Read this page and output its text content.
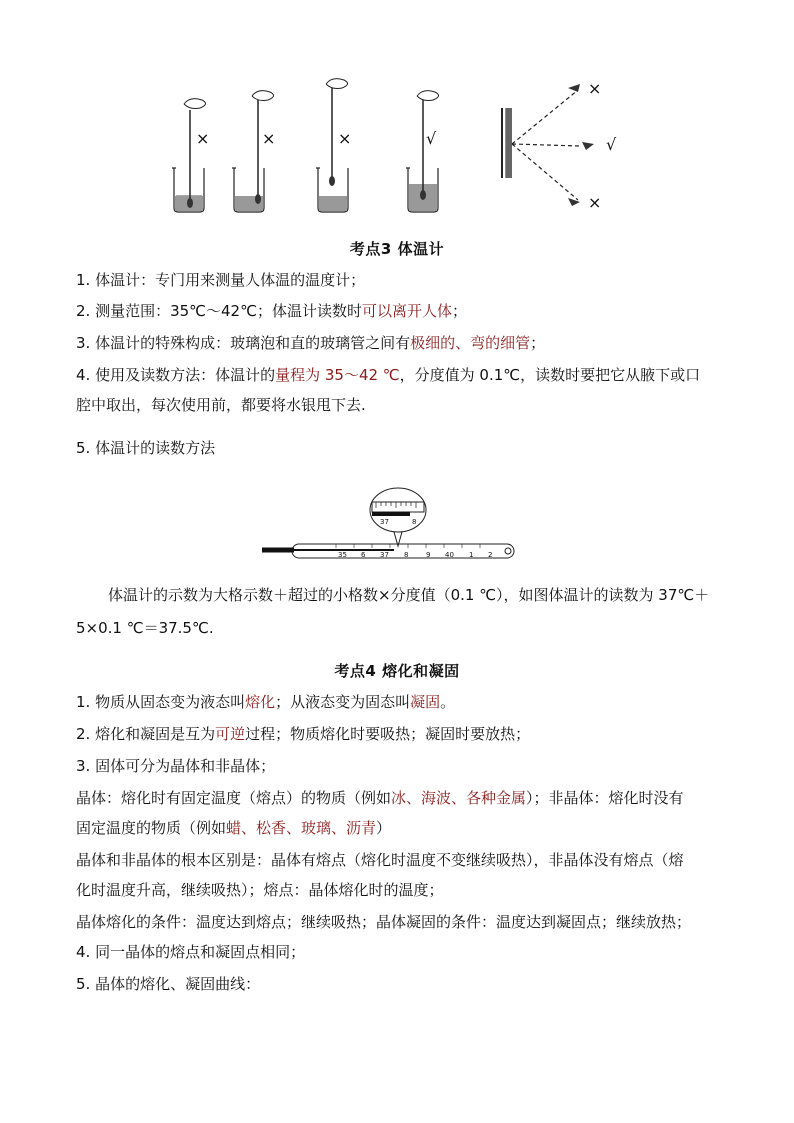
×	×	×	√
×
√
×
考点3 体温计
1. 体温计：专门用来测量人体温的温度计；
2. 测量范围：35℃～42℃；体温计读数时可以离开人体；
3. 体温计的特殊构成：玻璃泡和直的玻璃管之间有极细的、弯的细管；
4. 使用及读数方法：体温计的量程为 35～42 ℃，分度值为 0.1℃，读数时要把它从腋下或口
腔中取出，每次使用前，都要将水银甩下去.
5. 体温计的读数方法
37	8
35 6 37 8	9 40 1 2
体温计的示数为大格示数＋超过的小格数×分度值（0.1 ℃），如图体温计的读数为 37℃＋
5×0.1 ℃＝37.5℃.
考点4 熔化和凝固
1. 物质从固态变为液态叫熔化；从液态变为固态叫凝固。
2. 熔化和凝固是互为可逆过程；物质熔化时要吸热；凝固时要放热；
3. 固体可分为晶体和非晶体；
晶体：熔化时有固定温度（熔点）的物质（例如冰、海波、各种金属）；非晶体：熔化时没有
固定温度的物质（例如蜡、松香、玻璃、沥青）
晶体和非晶体的根本区别是：晶体有熔点（熔化时温度不变继续吸热），非晶体没有熔点（熔
化时温度升高，继续吸热）；熔点：晶体熔化时的温度；
晶体熔化的条件：温度达到熔点；继续吸热；晶体凝固的条件：温度达到凝固点；继续放热；
4. 同一晶体的熔点和凝固点相同；
5. 晶体的熔化、凝固曲线：
